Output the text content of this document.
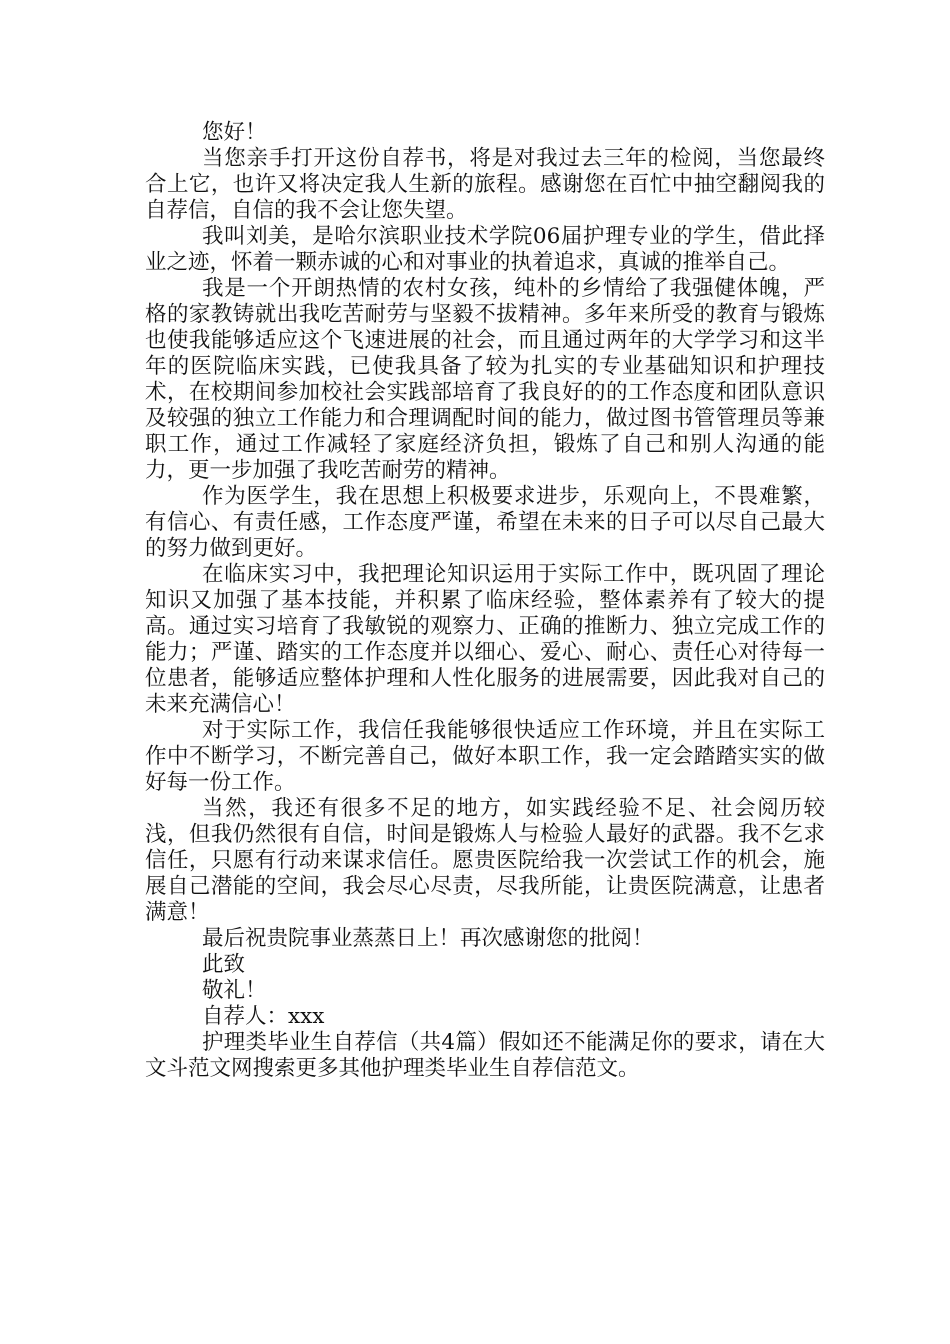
您好！

当您亲手打开这份自荐书，将是对我过去三年的检阅，当您最终合上它，也许又将决定我人生新的旅程。感谢您在百忙中抽空翻阅我的自荐信，自信的我不会让您失望。

我叫刘美，是哈尔滨职业技术学院06届护理专业的学生，借此择业之迹，怀着一颗赤诚的心和对事业的执着追求，真诚的推举自己。

我是一个开朗热情的农村女孩，纯朴的乡情给了我强健体魄，严格的家教铸就出我吃苦耐劳与坚毅不拔精神。多年来所受的教育与锻炼也使我能够适应这个飞速进展的社会，而且通过两年的大学学习和这半年的医院临床实践，已使我具备了较为扎实的专业基础知识和护理技术，在校期间参加校社会实践部培育了我良好的的工作态度和团队意识及较强的独立工作能力和合理调配时间的能力，做过图书管管理员等兼职工作，通过工作减轻了家庭经济负担，锻炼了自己和别人沟通的能力，更一步加强了我吃苦耐劳的精神。

作为医学生，我在思想上积极要求进步，乐观向上，不畏难繁，有信心、有责任感，工作态度严谨，希望在未来的日子可以尽自己最大的努力做到更好。

在临床实习中，我把理论知识运用于实际工作中，既巩固了理论知识又加强了基本技能，并积累了临床经验，整体素养有了较大的提高。通过实习培育了我敏锐的观察力、正确的推断力、独立完成工作的能力；严谨、踏实的工作态度并以细心、爱心、耐心、责任心对待每一位患者，能够适应整体护理和人性化服务的进展需要，因此我对自己的未来充满信心！

对于实际工作，我信任我能够很快适应工作环境，并且在实际工作中不断学习，不断完善自己，做好本职工作，我一定会踏踏实实的做好每一份工作。

当然，我还有很多不足的地方，如实践经验不足、社会阅历较浅，但我仍然很有自信，时间是锻炼人与检验人最好的武器。我不乞求信任，只愿有行动来谋求信任。愿贵医院给我一次尝试工作的机会，施展自己潜能的空间，我会尽心尽责，尽我所能，让贵医院满意，让患者满意！

最后祝贵院事业蒸蒸日上！再次感谢您的批阅！

此致

敬礼！

自荐人：xxx

护理类毕业生自荐信（共4篇）假如还不能满足你的要求，请在大文斗范文网搜索更多其他护理类毕业生自荐信范文。
